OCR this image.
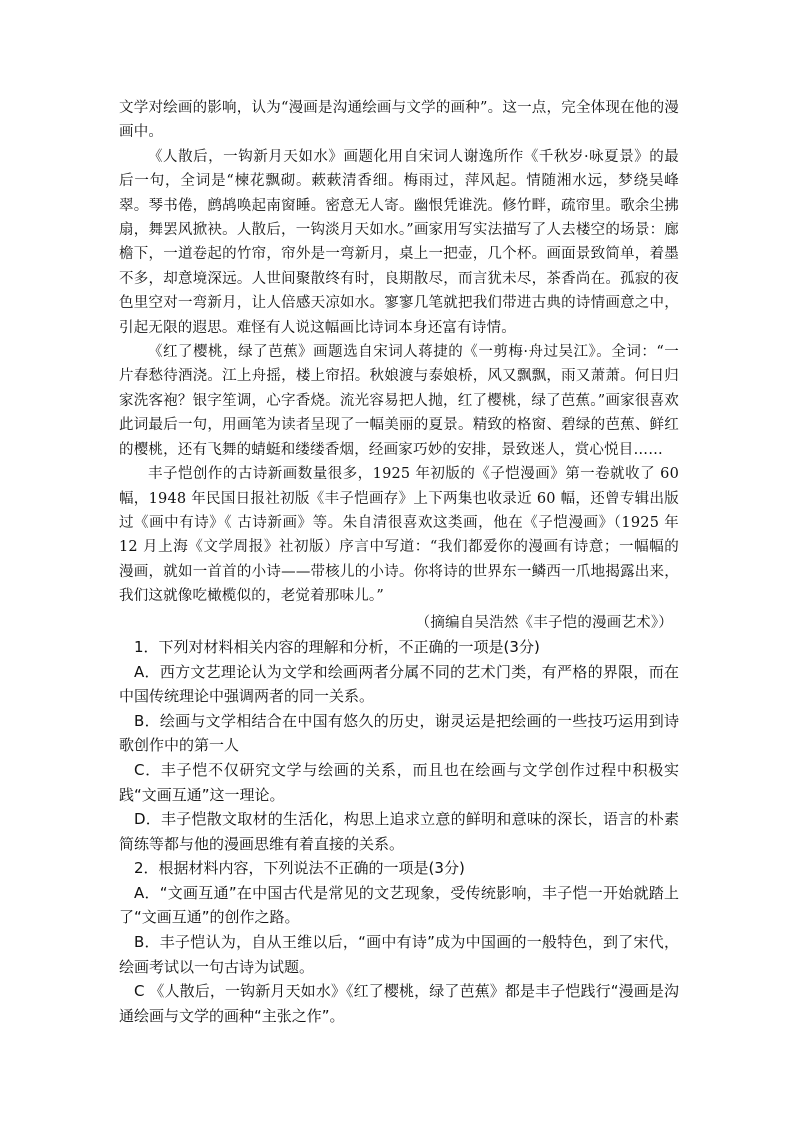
文学对绘画的影响，认为“漫画是沟通绘画与文学的画种”。这一点，完全体现在他的漫画中。

《人散后，一钩新月天如水》画题化用自宋词人谢逸所作《千秋岁·咏夏景》的最后一句，全词是“楝花飘砌。蔌蔌清香细。梅雨过，萍风起。情随湘水远，梦绕吴峰翠。琴书倦，鹧鸪唤起南窗睡。密意无人寄。幽恨凭谁洗。修竹畔，疏帘里。歌余尘拂扇，舞罢风掀袂。人散后，一钩淡月天如水。”画家用写实法描写了人去楼空的场景：廊檐下，一道卷起的竹帘，帘外是一弯新月，桌上一把壶，几个杯。画面景致简单，着墨不多，却意境深远。人世间聚散终有时，良期散尽，而言犹未尽，茶香尚在。孤寂的夜色里空对一弯新月，让人倍感天凉如水。寥寥几笔就把我们带进古典的诗情画意之中，引起无限的遐思。难怪有人说这幅画比诗词本身还富有诗情。

《红了樱桃，绿了芭蕉》画题选自宋词人蒋捷的《一剪梅·舟过吴江》。全词：“一片春愁待酒浇。江上舟摇，楼上帘招。秋娘渡与泰娘桥，风又飘飘，雨又萧萧。何日归家洗客袍？银字笙调，心字香烧。流光容易把人抛，红了樱桃，绿了芭蕉。”画家很喜欢此词最后一句，用画笔为读者呈现了一幅美丽的夏景。精致的格窗、碧绿的芭蕉、鲜红的樱桃，还有飞舞的蜻蜓和缕缕香烟，经画家巧妙的安排，景致迷人，赏心悦目……

丰子恺创作的古诗新画数量很多，1925 年初版的《子恺漫画》第一卷就收了 60 幅，1948 年民国日报社初版《丰子恺画存》上下两集也收录近 60 幅，还曾专辑出版过《画中有诗》《 古诗新画》等。朱自清很喜欢这类画，他在《子恺漫画》（1925 年 12 月上海《文学周报》社初版）序言中写道：“我们都爱你的漫画有诗意；一幅幅的漫画，就如一首首的小诗——带核儿的小诗。你将诗的世界东一鳞西一爪地揭露出来，我们这就像吃橄榄似的，老觉着那味儿。”

（摘编自吴浩然《丰子恺的漫画艺术》）

1．下列对材料相关内容的理解和分析，不正确的一项是(3分)

A．西方文艺理论认为文学和绘画两者分属不同的艺术门类，有严格的界限，而在中国传统理论中强调两者的同一关系。

B．绘画与文学相结合在中国有悠久的历史，谢灵运是把绘画的一些技巧运用到诗歌创作中的第一人

C．丰子恺不仅研究文学与绘画的关系，而且也在绘画与文学创作过程中积极实践“文画互通”这一理论。

D．丰子恺散文取材的生活化，构思上追求立意的鲜明和意味的深长，语言的朴素简练等都与他的漫画思维有着直接的关系。

2．根据材料内容，下列说法不正确的一项是(3分)

A．“文画互通”在中国古代是常见的文艺现象，受传统影响，丰子恺一开始就踏上了“文画互通”的创作之路。

B．丰子恺认为，自从王维以后，“画中有诗”成为中国画的一般特色，到了宋代，绘画考试以一句古诗为试题。

C 《人散后，一钩新月天如水》《红了樱桃，绿了芭蕉》都是丰子恺践行“漫画是沟通绘画与文学的画种“主张之作”。
